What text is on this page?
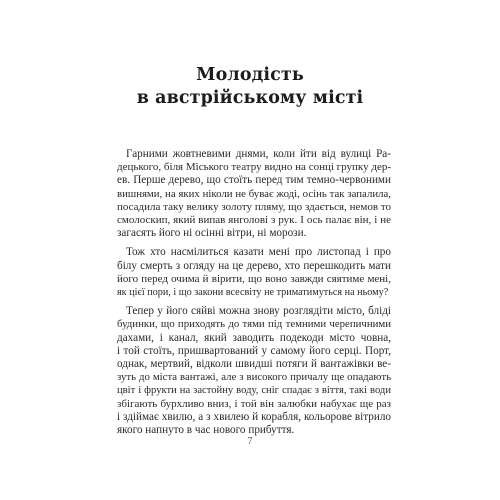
Молодість
в австрійському місті
Гарними жовтневими днями, коли йти від вулиці Ра-
децького, біля Міського театру видно на сонці групку дер-
ев. Перше дерево, що стоїть перед тим темно-червоними
вишнями, на яких ніколи не буває жоді, осінь так запалила,
посадила таку велику золоту пляму, що здається, немов то
смолоскип, який випав янголові з рук. І ось палає він, і не
загасять його ні осінні вітри, ні морози.
Тож хто насмілиться казати мені про листопад і про
білу смерть з огляду на це дерево, хто перешкодить мати
його перед очима й вірити, що воно завжди сяятиме мені,
як цієї пори, і що закони всесвіту не триматимуться на ньому?
Тепер у його сяйві можна знову розглядіти місто, блідi
будинки, що приходять до тями під темними черепичними
дахами, і канал, який заводить подекоди місто човна,
і той стоїть, пришвартований у самому його серці. Порт,
однак, мертвий, відколи швидші потяги й вантажівки ве-
зуть до міста вантажі, але з високого причалу ще опадають
цвіт і фрукти на застойну воду, сніг спадає з віття, такі води
збігають бурхливо вниз, і той він залюбки набухає ще раз
і здіймає хвилю, а з хвилею й корабля, кольорове вітрило
якого напнуто в час нового прибуття.
7
